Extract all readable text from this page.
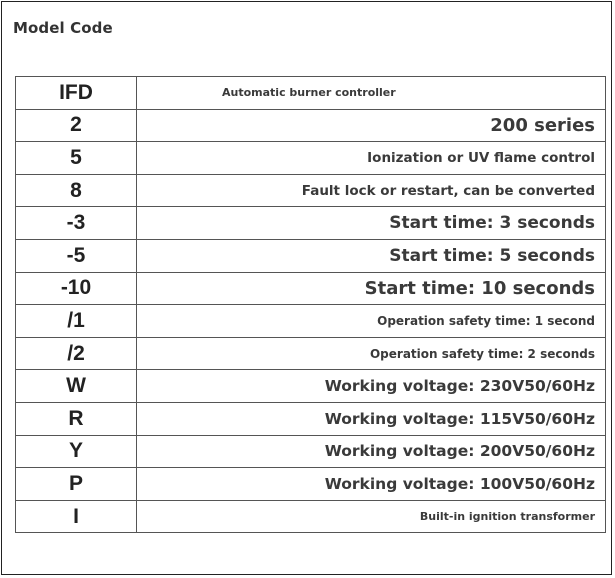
Model Code
IFD	Automatic burner controller
2	200 series
5	Ionization or UV flame control
8	Fault lock or restart, can be converted
-3	Start time: 3 seconds
-5	Start time: 5 seconds
-10	Start time: 10 seconds
/1	Operation safety time: 1 second
/2	Operation safety time: 2 seconds
W	Working voltage: 230V50/60Hz
R	Working voltage: 115V50/60Hz
Y	Working voltage: 200V50/60Hz
P	Working voltage: 100V50/60Hz
I	Built-in ignition transformer
